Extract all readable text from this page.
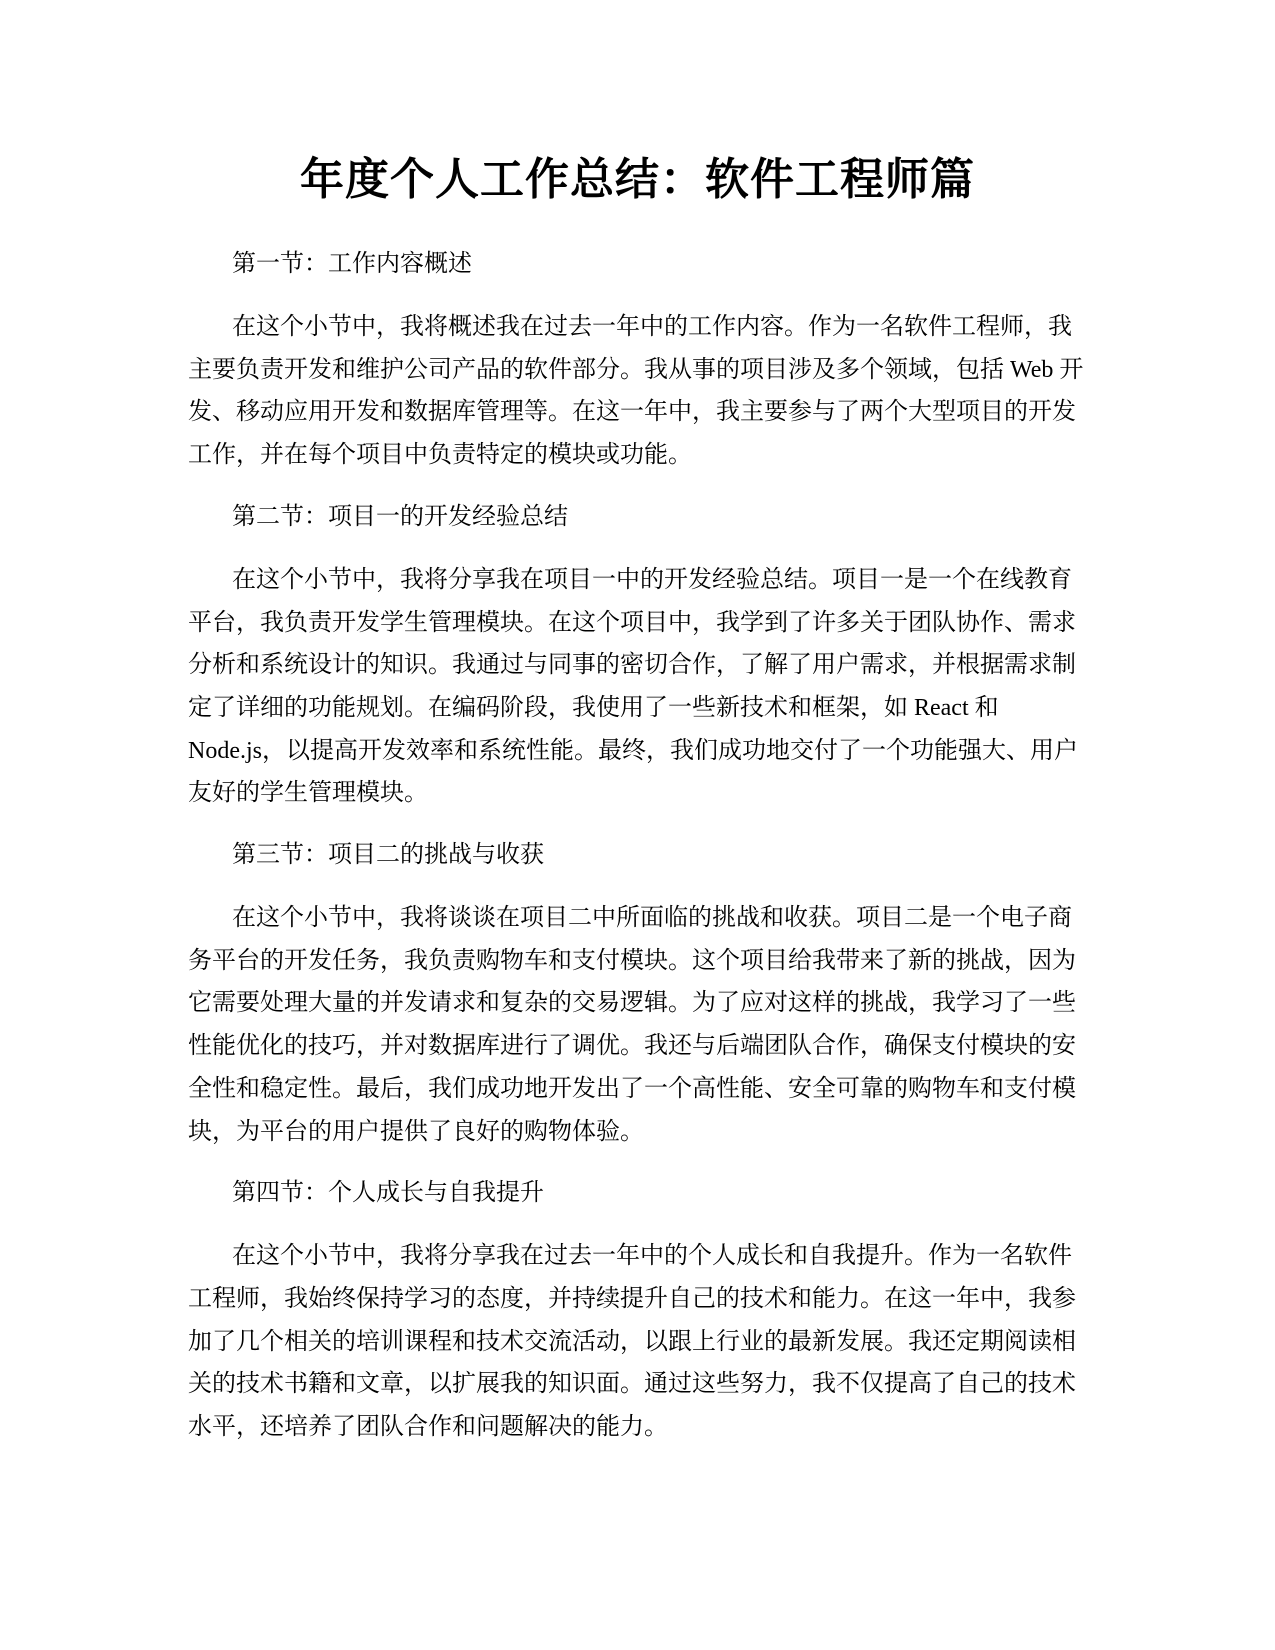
年度个人工作总结：软件工程师篇

第一节：工作内容概述

在这个小节中，我将概述我在过去一年中的工作内容。作为一名软件工程师，我主要负责开发和维护公司产品的软件部分。我从事的项目涉及多个领域，包括 Web 开发、移动应用开发和数据库管理等。在这一年中，我主要参与了两个大型项目的开发工作，并在每个项目中负责特定的模块或功能。

第二节：项目一的开发经验总结

在这个小节中，我将分享我在项目一中的开发经验总结。项目一是一个在线教育平台，我负责开发学生管理模块。在这个项目中，我学到了许多关于团队协作、需求分析和系统设计的知识。我通过与同事的密切合作，了解了用户需求，并根据需求制定了详细的功能规划。在编码阶段，我使用了一些新技术和框架，如 React 和 Node.js，以提高开发效率和系统性能。最终，我们成功地交付了一个功能强大、用户友好的学生管理模块。

第三节：项目二的挑战与收获

在这个小节中，我将谈谈在项目二中所面临的挑战和收获。项目二是一个电子商务平台的开发任务，我负责购物车和支付模块。这个项目给我带来了新的挑战，因为它需要处理大量的并发请求和复杂的交易逻辑。为了应对这样的挑战，我学习了一些性能优化的技巧，并对数据库进行了调优。我还与后端团队合作，确保支付模块的安全性和稳定性。最后，我们成功地开发出了一个高性能、安全可靠的购物车和支付模块，为平台的用户提供了良好的购物体验。

第四节：个人成长与自我提升

在这个小节中，我将分享我在过去一年中的个人成长和自我提升。作为一名软件工程师，我始终保持学习的态度，并持续提升自己的技术和能力。在这一年中，我参加了几个相关的培训课程和技术交流活动，以跟上行业的最新发展。我还定期阅读相关的技术书籍和文章，以扩展我的知识面。通过这些努力，我不仅提高了自己的技术水平，还培养了团队合作和问题解决的能力。
